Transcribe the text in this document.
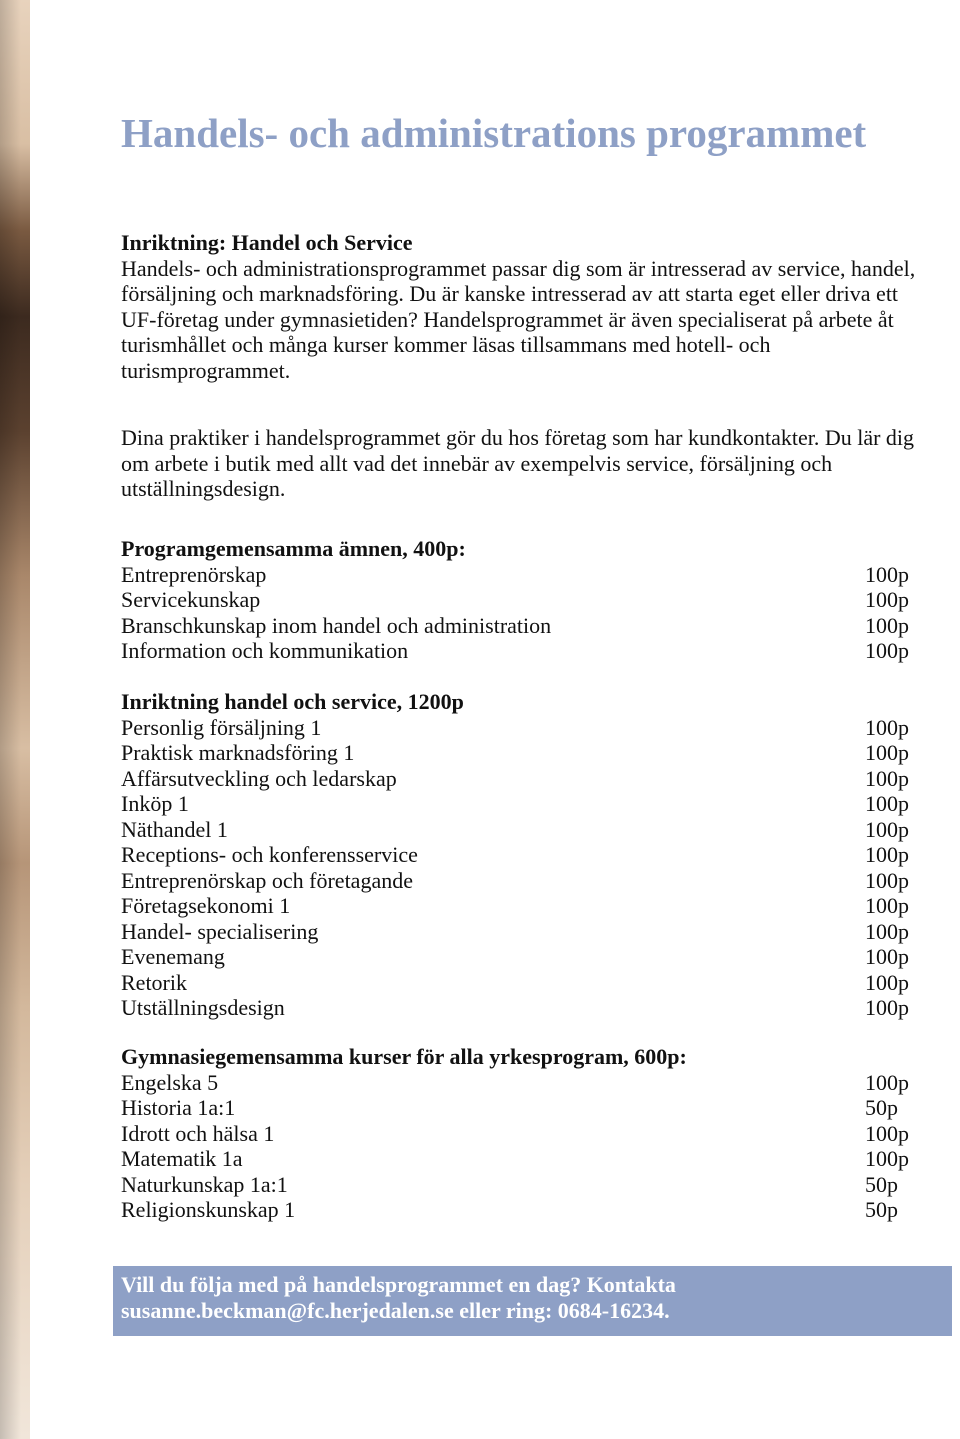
Handels- och administrations programmet
Inriktning: Handel och Service
Handels- och administrationsprogrammet passar dig som är intresserad av service, handel, försäljning och marknadsföring. Du är kanske intresserad av att starta eget eller driva ett UF-företag under gymnasietiden? Handelsprogrammet är även specialiserat på arbete åt turismhållet och många kurser kommer läsas tillsammans med hotell- och turismprogrammet.

Dina praktiker i handelsprogrammet gör du hos företag som har kundkontakter. Du lär dig om arbete i butik med allt vad det innebär av exempelvis service, försäljning och utställningsdesign.

Programgemensamma ämnen, 400p:
Entreprenörskap	100p
Servicekunskap	100p
Branschkunskap inom handel och administration	100p
Information och kommunikation	100p
Inriktning handel och service, 1200p
Personlig försäljning 1	100p
Praktisk marknadsföring 1	100p
Affärsutveckling och ledarskap	100p
Inköp 1	100p
Näthandel 1	100p
Receptions- och konferensservice	100p
Entreprenörskap och företagande	100p
Företagsekonomi 1	100p
Handel- specialisering	100p
Evenemang	100p
Retorik	100p
Utställningsdesign	100p
Gymnasiegemensamma kurser för alla yrkesprogram, 600p:
Engelska 5	100p
Historia 1a:1	50p
Idrott och hälsa 1	100p
Matematik 1a	100p
Naturkunskap 1a:1	50p
Religionskunskap 1	50p

Vill du följa med på handelsprogrammet en dag? Kontakta susanne.beckman@fc.herjedalen.se eller ring: 0684-16234.
